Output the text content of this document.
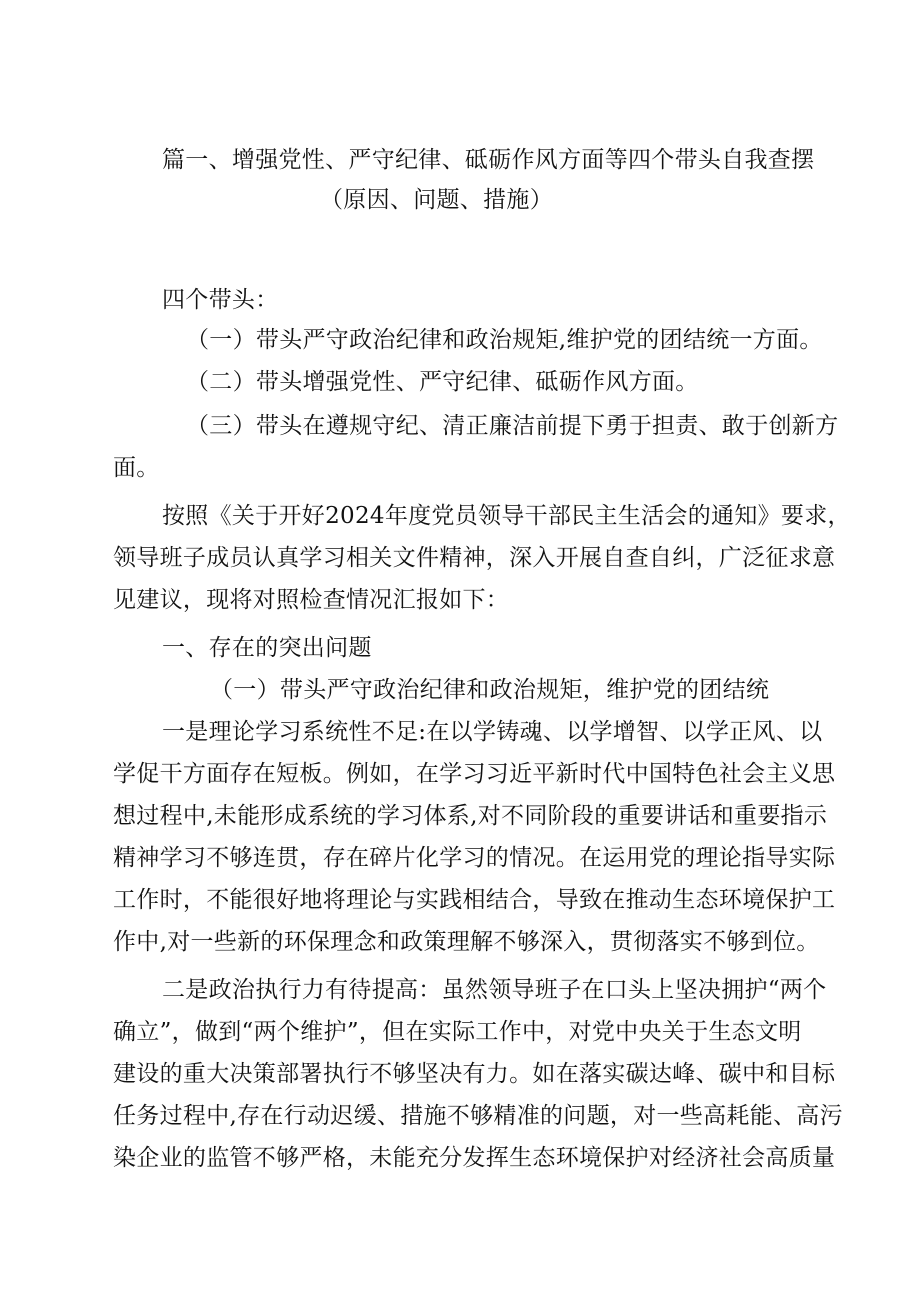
篇一、增强党性、严守纪律、砥砺作风方面等四个带头自我查摆
（原因、问题、措施）
四个带头：
（一）带头严守政治纪律和政治规矩,维护党的团结统一方面。
（二）带头增强党性、严守纪律、砥砺作风方面。
（三）带头在遵规守纪、清正廉洁前提下勇于担责、敢于创新方
面。
按照《关于开好2024年度党员领导干部民主生活会的通知》要求，
领导班子成员认真学习相关文件精神，深入开展自查自纠，广泛征求意
见建议，现将对照检查情况汇报如下：
一、存在的突出问题
（一）带头严守政治纪律和政治规矩，维护党的团结统
一是理论学习系统性不足:在以学铸魂、以学增智、以学正风、以
学促干方面存在短板。例如，在学习习近平新时代中国特色社会主义思
想过程中,未能形成系统的学习体系,对不同阶段的重要讲话和重要指示
精神学习不够连贯，存在碎片化学习的情况。在运用党的理论指导实际
工作时，不能很好地将理论与实践相结合，导致在推动生态环境保护工
作中,对一些新的环保理念和政策理解不够深入，贯彻落实不够到位。
二是政治执行力有待提高：虽然领导班子在口头上坚决拥护“两个
确立”，做到“两个维护”，但在实际工作中，对党中央关于生态文明
建设的重大决策部署执行不够坚决有力。如在落实碳达峰、碳中和目标
任务过程中,存在行动迟缓、措施不够精准的问题，对一些高耗能、高污
染企业的监管不够严格，未能充分发挥生态环境保护对经济社会高质量
